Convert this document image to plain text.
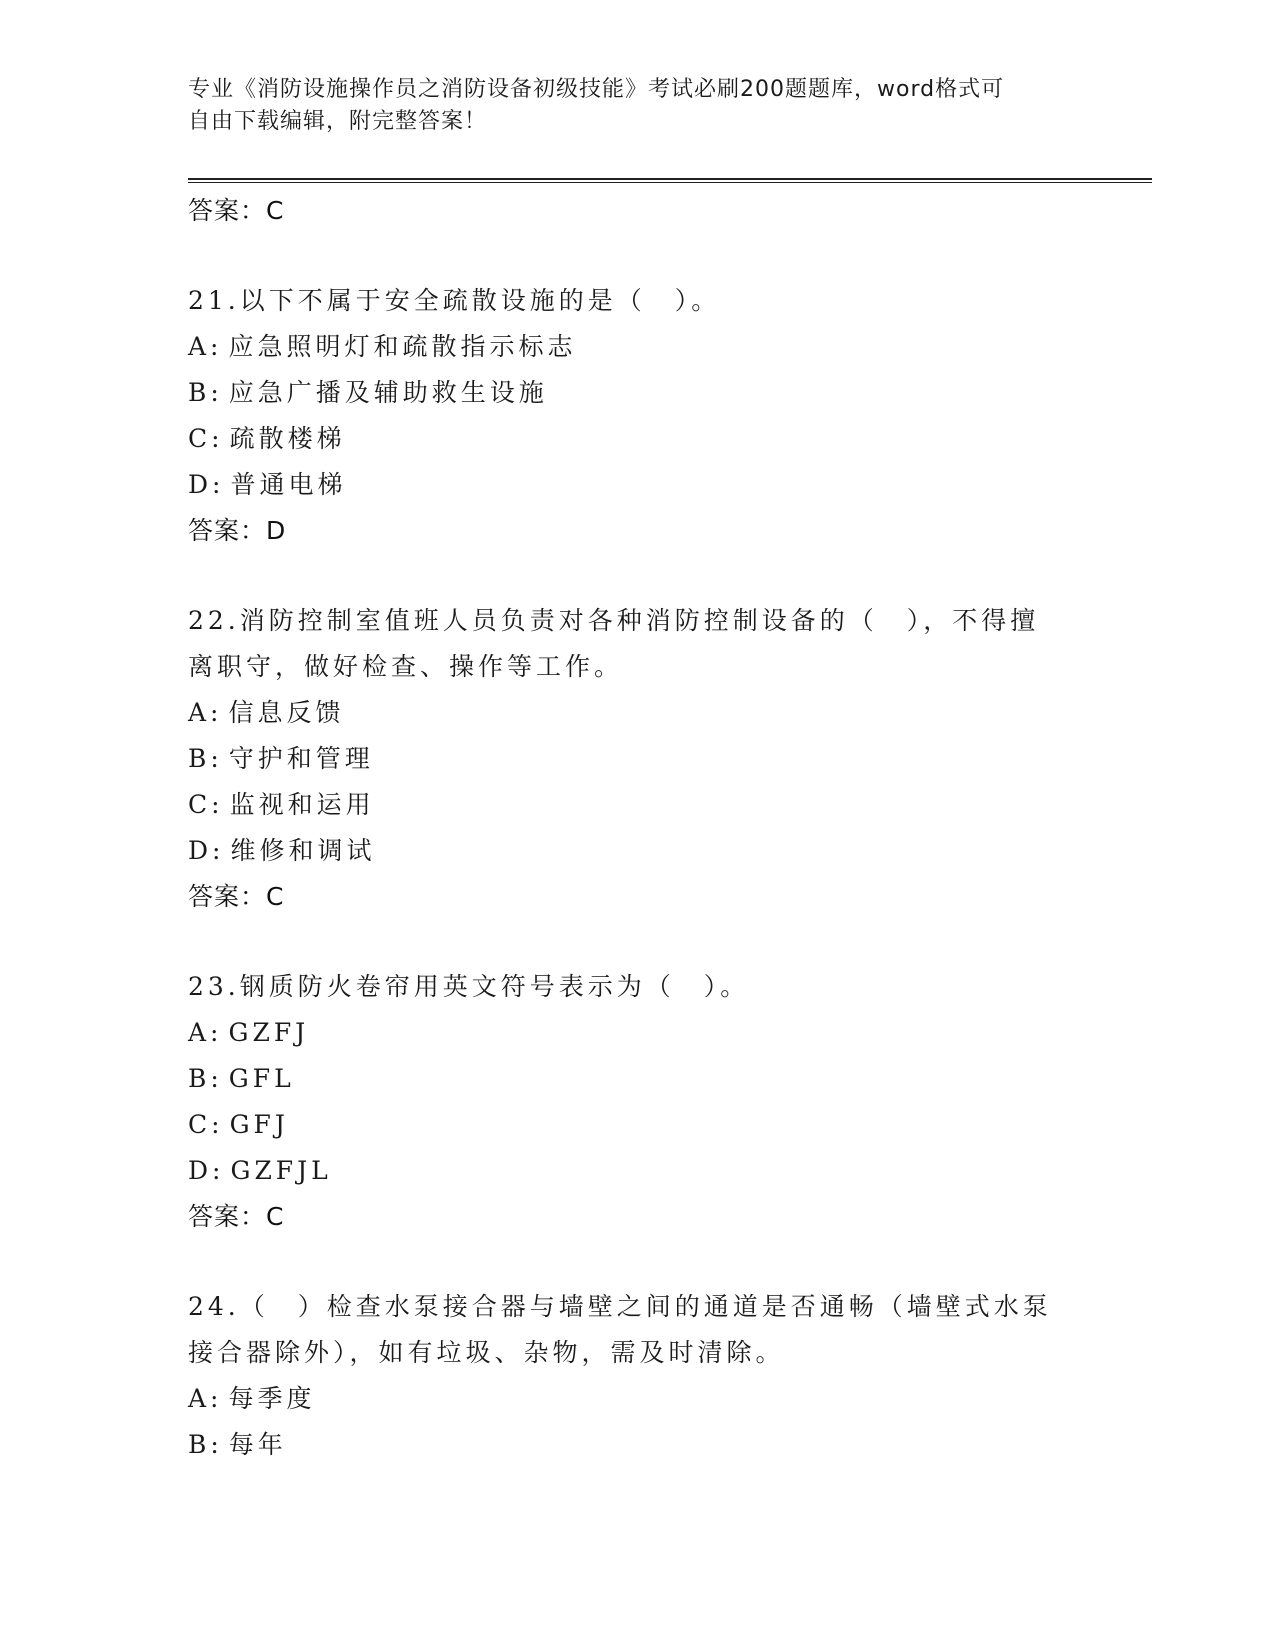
专业《消防设施操作员之消防设备初级技能》考试必刷200题题库，word格式可
自由下载编辑，附完整答案！
答案：C
21.以下不属于安全疏散设施的是（　）。
A: 应急照明灯和疏散指示标志
B: 应急广播及辅助救生设施
C: 疏散楼梯
D: 普通电梯
答案：D
22.消防控制室值班人员负责对各种消防控制设备的（　），不得擅离职守，做好检查、操作等工作。
A: 信息反馈
B: 守护和管理
C: 监视和运用
D: 维修和调试
答案：C
23.钢质防火卷帘用英文符号表示为（　）。
A: GZFJ
B: GFL
C: GFJ
D: GZFJL
答案：C
24.（　）检查水泵接合器与墙壁之间的通道是否通畅（墙壁式水泵接合器除外），如有垃圾、杂物，需及时清除。
A: 每季度
B: 每年
